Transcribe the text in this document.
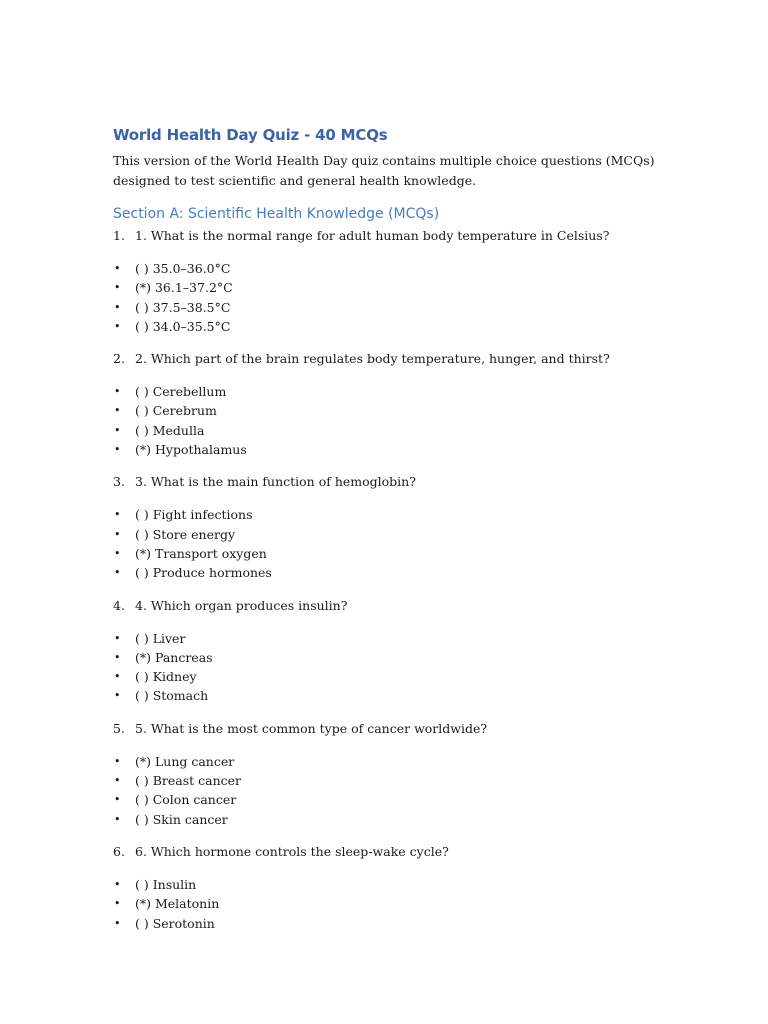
World Health Day Quiz - 40 MCQs

This version of the World Health Day quiz contains multiple choice questions (MCQs) designed to test scientific and general health knowledge.

Section A: Scientific Health Knowledge (MCQs)

1. 1. What is the normal range for adult human body temperature in Celsius?

• ( ) 35.0–36.0°C
• (*) 36.1–37.2°C
• ( ) 37.5–38.5°C
• ( ) 34.0–35.5°C

2. 2. Which part of the brain regulates body temperature, hunger, and thirst?

• ( ) Cerebellum
• ( ) Cerebrum
• ( ) Medulla
• (*) Hypothalamus

3. 3. What is the main function of hemoglobin?

• ( ) Fight infections
• ( ) Store energy
• (*) Transport oxygen
• ( ) Produce hormones

4. 4. Which organ produces insulin?

• ( ) Liver
• (*) Pancreas
• ( ) Kidney
• ( ) Stomach

5. 5. What is the most common type of cancer worldwide?

• (*) Lung cancer
• ( ) Breast cancer
• ( ) Colon cancer
• ( ) Skin cancer

6. 6. Which hormone controls the sleep-wake cycle?

• ( ) Insulin
• (*) Melatonin
• ( ) Serotonin
